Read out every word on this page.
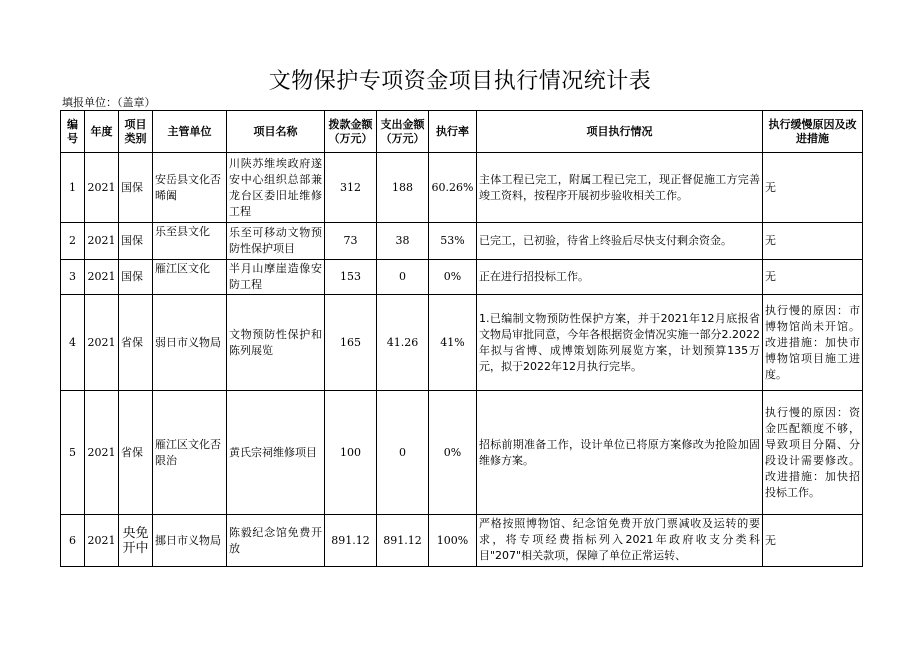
文物保护专项资金项目执行情况统计表
填报单位：（盖章）
编号	年度	项目类别	主管单位	项目名称	拨款金额（万元）	支出金额（万元）	执行率	项目执行情况	执行缓慢原因及改进措施
1	2021	国保	安岳县文化否晞阖	川陕苏维埃政府遂安中心组织总部兼龙台区委旧址维修工程	312	188	60.26%	主体工程已完工，附属工程已完工，现正督促施工方完善竣工资料，按程序开展初步验收相关工作。	无
2	2021	国保	乐至县文化	乐至可移动文物预防性保护项目	73	38	53%	已完工，已初验，待省上终验后尽快支付剩余资金。	无
3	2021	国保	雁江区文化	半月山摩崖造像安防工程	153	0	0%	正在进行招投标工作。	无
4	2021	省保	弱日市义物局	文物预防性保护和陈列展览	165	41.26	41%	1.已编制文物预防性保护方案，并于2021年12月底报省文物局审批同意，今年各根据资金情况实施一部分2.2022年拟与省博、成博策划陈列展览方案，计划预算135万元，拟于2022年12月执行完毕。	执行慢的原因：市博物馆尚未开馆。改进措施：加快市博物馆项目施工进度。
5	2021	省保	雁江区文化否限治	黄氏宗祠维修项目	100	0	0%	招标前期准备工作，设计单位已将原方案修改为抢险加固维修方案。	执行慢的原因：资金匹配额度不够，导致项目分隔、分段设计需要修改。改进措施：加快招投标工作。
6	2021	央免开中	挪日市义物局	陈毅纪念馆免费开放	891.12	891.12	100%	严格按照博物馆、纪念馆免费开放门票减收及运转的要求，将专项经费指标列入2021年政府收支分类科目"207"相关款项，保障了单位正常运转、	无
